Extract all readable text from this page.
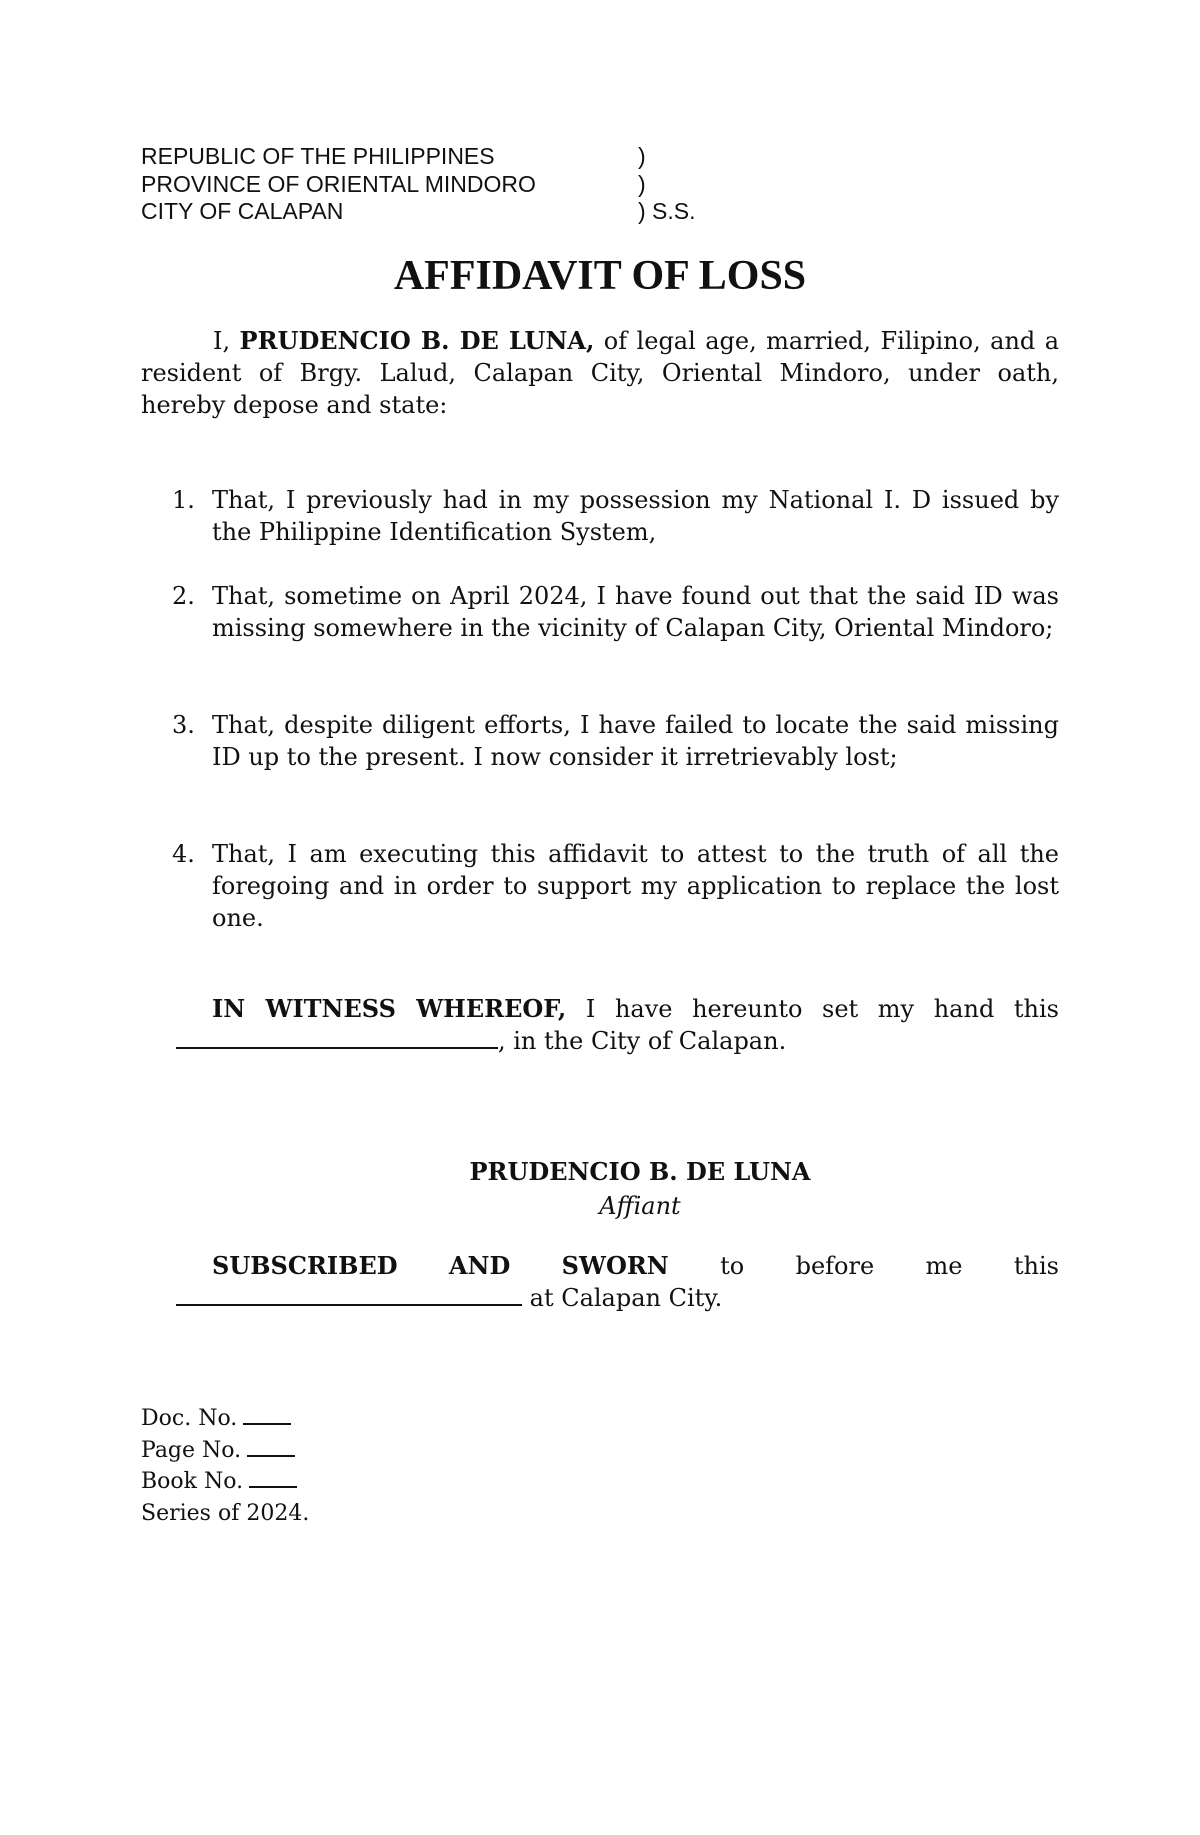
REPUBLIC OF THE PHILIPPINES	)
PROVINCE OF ORIENTAL MINDORO	)
CITY OF CALAPAN	) S.S.
AFFIDAVIT OF LOSS
I, PRUDENCIO B. DE LUNA, of legal age, married, Filipino, and a resident of Brgy. Lalud, Calapan City, Oriental Mindoro, under oath, hereby depose and state:
1. That, I previously had in my possession my National I. D issued by the Philippine Identification System,
2. That, sometime on April 2024, I have found out that the said ID was missing somewhere in the vicinity of Calapan City, Oriental Mindoro;
3. That, despite diligent efforts, I have failed to locate the said missing ID up to the present. I now consider it irretrievably lost;
4. That, I am executing this affidavit to attest to the truth of all the foregoing and in order to support my application to replace the lost one.
IN WITNESS WHEREOF, I have hereunto set my hand this , in the City of Calapan.
PRUDENCIO B. DE LUNA
Affiant
SUBSCRIBED AND SWORN to before me this
at Calapan City.
Doc. No.
Page No.
Book No.
Series of 2024.
